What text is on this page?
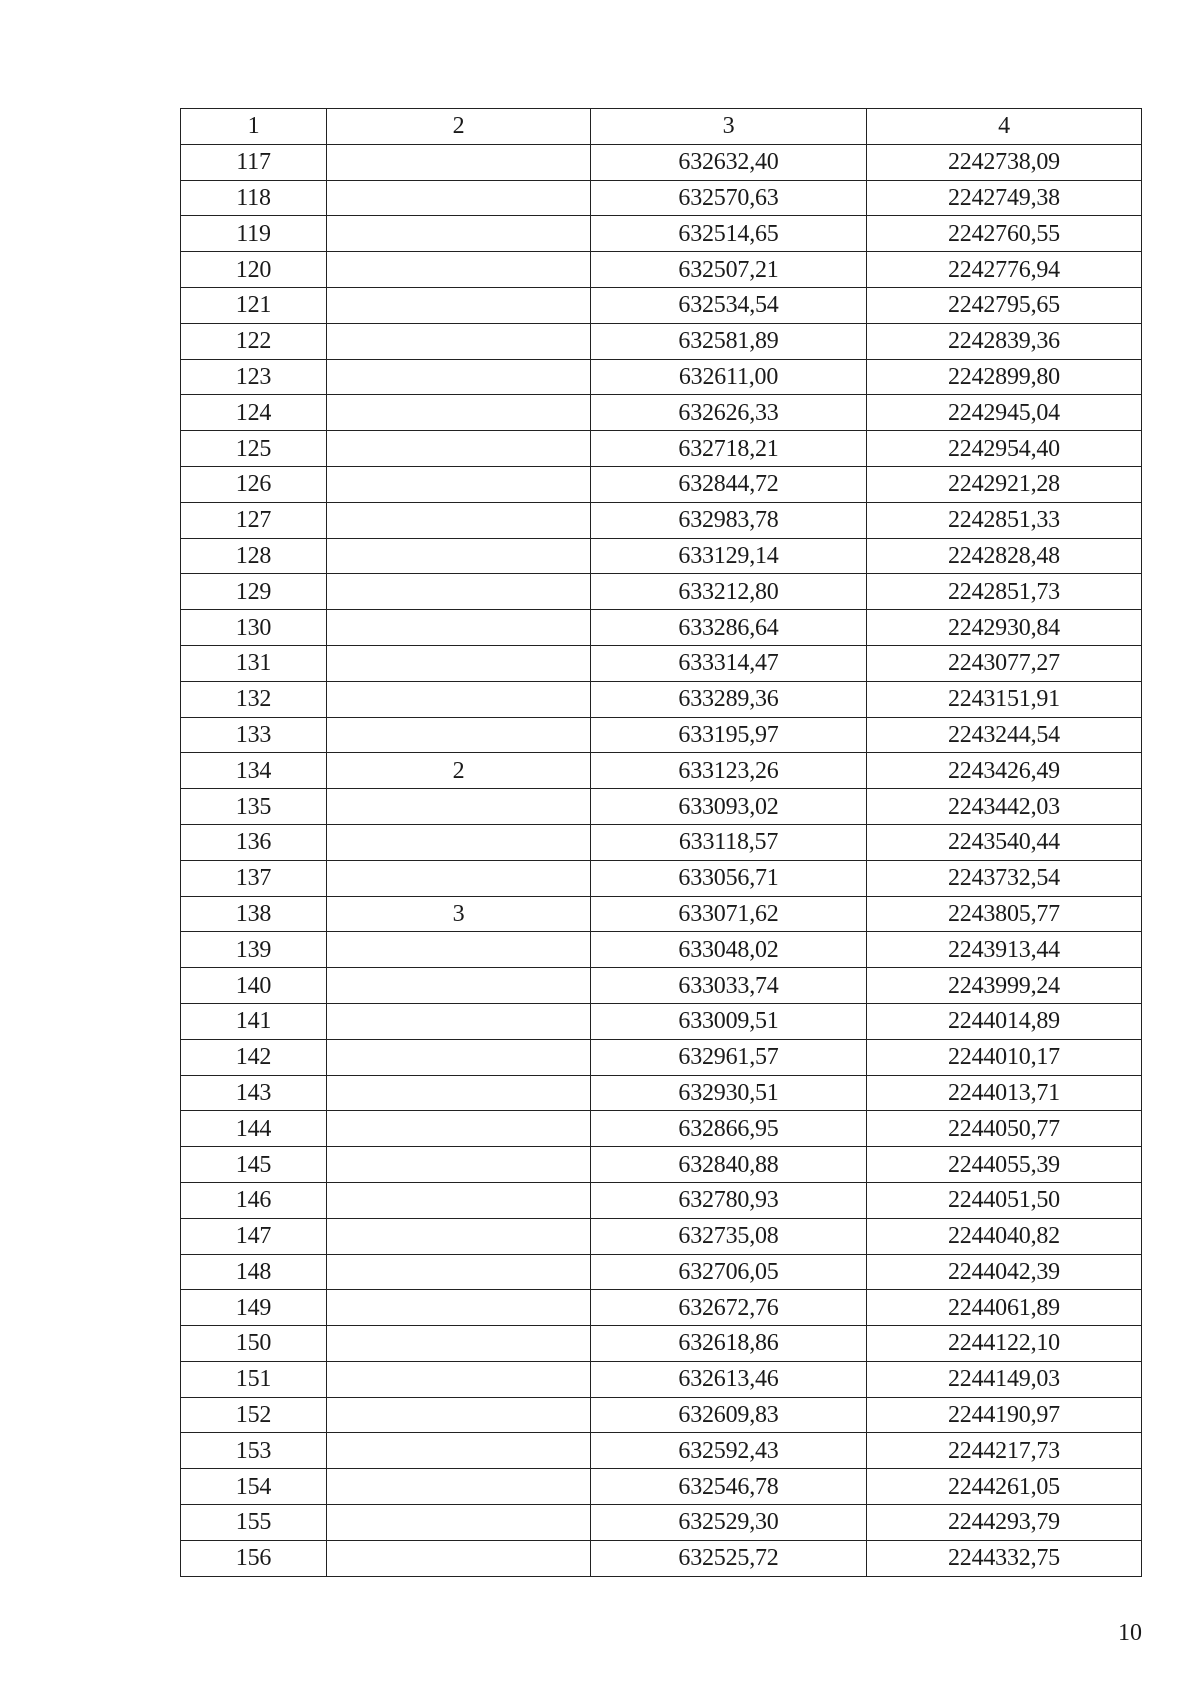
1	2	3	4
117		632632,40	2242738,09
118		632570,63	2242749,38
119		632514,65	2242760,55
120		632507,21	2242776,94
121		632534,54	2242795,65
122		632581,89	2242839,36
123		632611,00	2242899,80
124		632626,33	2242945,04
125		632718,21	2242954,40
126		632844,72	2242921,28
127		632983,78	2242851,33
128		633129,14	2242828,48
129		633212,80	2242851,73
130		633286,64	2242930,84
131		633314,47	2243077,27
132		633289,36	2243151,91
133		633195,97	2243244,54
134	2	633123,26	2243426,49
135		633093,02	2243442,03
136		633118,57	2243540,44
137		633056,71	2243732,54
138	3	633071,62	2243805,77
139		633048,02	2243913,44
140		633033,74	2243999,24
141		633009,51	2244014,89
142		632961,57	2244010,17
143		632930,51	2244013,71
144		632866,95	2244050,77
145		632840,88	2244055,39
146		632780,93	2244051,50
147		632735,08	2244040,82
148		632706,05	2244042,39
149		632672,76	2244061,89
150		632618,86	2244122,10
151		632613,46	2244149,03
152		632609,83	2244190,97
153		632592,43	2244217,73
154		632546,78	2244261,05
155		632529,30	2244293,79
156		632525,72	2244332,75
10
